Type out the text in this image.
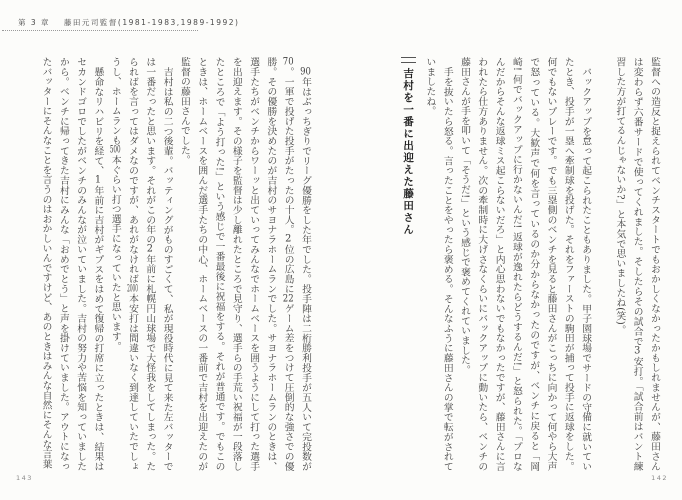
第 3 章 藤田元司監督(1981-1983,1989-1992)

監督への造反と捉えられてベンチスタートでもおかしくなかったかもしれませんが、藤田さんは変わらず六番サードで使ってくれました。そしたらその試合で3安打。「試合前はバント練習した方が打てるんじゃないか?」と本気で思いましたね(笑)。

バックアップを怠って起こられたこともありました。甲子園球場でサードの守備に就いていたとき、投手が一塁へ牽制球を投げた。それをファーストの駒田が捕って投手に返球をした。何でもないプレーです。でも三塁側のベンチを見ると藤田さんがこっちに向かって何やら大声で怒っている。大歓声で何を言っているのか分からなかったのですが、ベンチに戻ると「岡崎! 何でバックアップに行かないんだ! 返球が逸れたらどうするんだ!」と怒られた。「プロなんだからそんな返球ミス起こらないだろ」と内心思わないでもなかったですが、藤田さんに言われたら仕方ありません。次の牽制時に大げさなくらいにバックアップに動いたら、ベンチの藤田さんが手を叩いて「そうだ!」という感じで褒めてくれていました。

手を抜いたら怒る。言ったことをやったら褒める。そんなふうに藤田さんの掌で転がされていましたね。

吉村を一番に出迎えた藤田さん

90年はぶっちぎりでリーグ優勝をした年でした。投手陣は二桁勝利投手が五人いて完投数が70。一軍で投げた投手がたったの十人。2位の広島に22ゲーム差をつけて圧倒的な強さでの優勝。その優勝を決めたのが吉村のサヨナラホームランでした。サヨナラホームランのときは、選手たちがベンチからワーッと出ていってみんなでホームベースを囲うようにして打った選手を出迎えます。その様子を監督は少し離れたところで見守り、選手らの手荒い祝福が一段落したところで「よう打った!」という感じで一番最後に祝福をする。それが普通です。でもこのときは、ホームベースを囲んだ選手たちの中心、ホームベースの一番前で吉村を出迎えたのが監督の藤田さんでした。

吉村は私の二つ後輩。バッティングがものすごくて、私が現役時代に見て来た左バッターでは一番だったと思います。それがこの年の2年前に札幌円山球場で大怪我をしてしまった。たらればを言ってはダメなのですが、あれがなければ2000本安打は間違いなく到達していたでしょうし、ホームランも500本ぐらい打つ選手になっていたと思います。

懸命なリハビリを経て、1年前に吉村がギプスをはめて復帰の打席に立ったときは、結果はセカンドゴロでしたがベンチのみんなが泣いていました。吉村の努力や苦悩を知っていましたから。ベンチに帰ってきた吉村にみんな「おめでとう」と声を掛けていました。アウトになったバッターにそんなことを言うのはおかしいんですけど、あのときはみんな自然にそんな言葉

143	142
